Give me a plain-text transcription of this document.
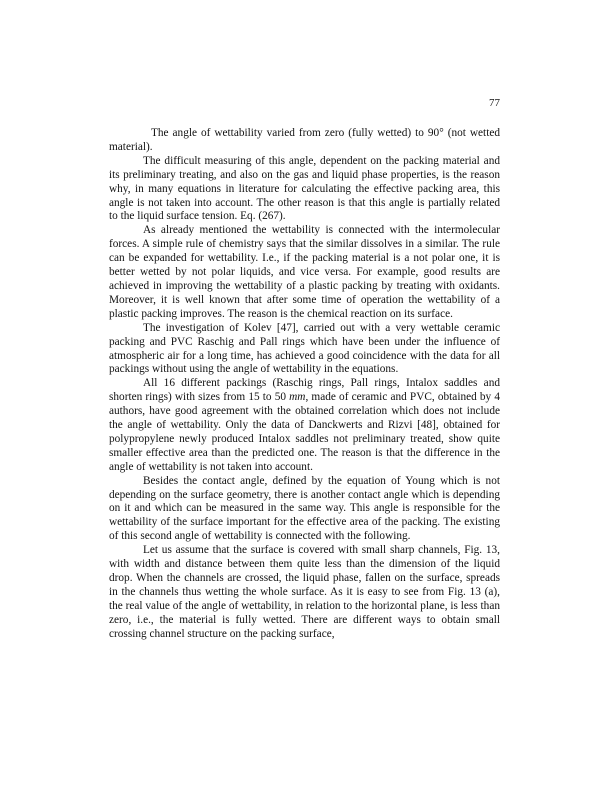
77

The angle of wettability varied from zero (fully wetted) to 90° (not wetted material).

The difficult measuring of this angle, dependent on the packing material and its preliminary treating, and also on the gas and liquid phase properties, is the reason why, in many equations in literature for calculating the effective packing area, this angle is not taken into account. The other reason is that this angle is partially related to the liquid surface tension. Eq. (267).

As already mentioned the wettability is connected with the intermolecular forces. A simple rule of chemistry says that the similar dissolves in a similar. The rule can be expanded for wettability. I.e., if the packing material is a not polar one, it is better wetted by not polar liquids, and vice versa. For example, good results are achieved in improving the wettability of a plastic packing by treating with oxidants. Moreover, it is well known that after some time of operation the wettability of a plastic packing improves. The reason is the chemical reaction on its surface.

The investigation of Kolev [47], carried out with a very wettable ceramic packing and PVC Raschig and Pall rings which have been under the influence of atmospheric air for a long time, has achieved a good coincidence with the data for all packings without using the angle of wettability in the equations.

All 16 different packings (Raschig rings, Pall rings, Intalox saddles and shorten rings) with sizes from 15 to 50 mm, made of ceramic and PVC, obtained by 4 authors, have good agreement with the obtained correlation which does not include the angle of wettability. Only the data of Danckwerts and Rizvi [48], obtained for polypropylene newly produced Intalox saddles not preliminary treated, show quite smaller effective area than the predicted one. The reason is that the difference in the angle of wettability is not taken into account.

Besides the contact angle, defined by the equation of Young which is not depending on the surface geometry, there is another contact angle which is depending on it and which can be measured in the same way. This angle is responsible for the wettability of the surface important for the effective area of the packing. The existing of this second angle of wettability is connected with the following.

Let us assume that the surface is covered with small sharp channels, Fig. 13, with width and distance between them quite less than the dimension of the liquid drop. When the channels are crossed, the liquid phase, fallen on the surface, spreads in the channels thus wetting the whole surface. As it is easy to see from Fig. 13 (a), the real value of the angle of wettability, in relation to the horizontal plane, is less than zero, i.e., the material is fully wetted. There are different ways to obtain small crossing channel structure on the packing surface,
